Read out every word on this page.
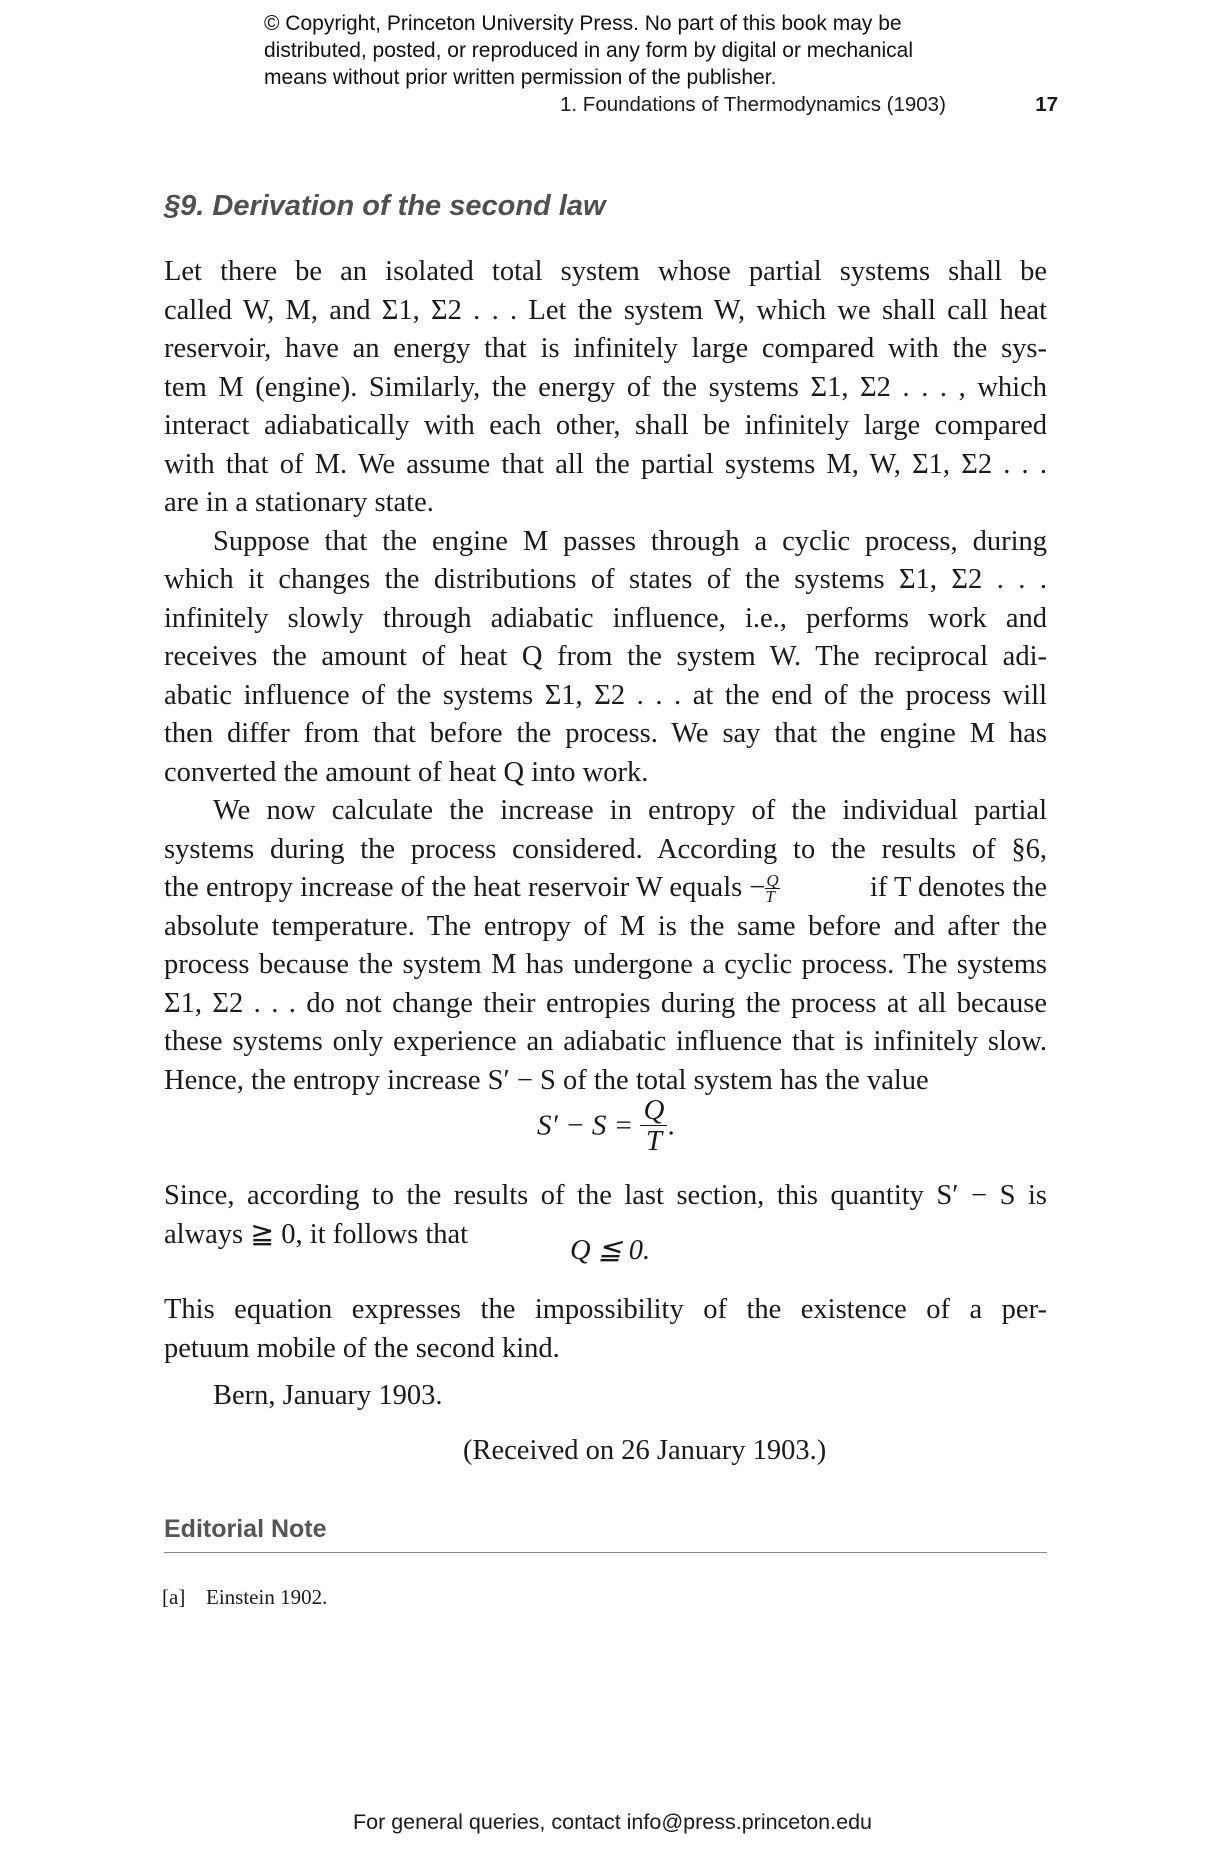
© Copyright, Princeton University Press. No part of this book may be
distributed, posted, or reproduced in any form by digital or mechanical
means without prior written permission of the publisher.
1. Foundations of Thermodynamics (1903)	17
§9. Derivation of the second law
Let there be an isolated total system whose partial systems shall be
called W, M, and Σ1, Σ2 . . . Let the system W, which we shall call heat
reservoir, have an energy that is infinitely large compared with the sys-
tem M (engine). Similarly, the energy of the systems Σ1, Σ2 . . . , which
interact adiabatically with each other, shall be infinitely large compared
with that of M. We assume that all the partial systems M, W, Σ1, Σ2 . . .
are in a stationary state.
Suppose that the engine M passes through a cyclic process, during
which it changes the distributions of states of the systems Σ1, Σ2 . . .
infinitely slowly through adiabatic influence, i.e., performs work and
receives the amount of heat Q from the system W. The reciprocal adi-
abatic influence of the systems Σ1, Σ2 . . . at the end of the process will
then differ from that before the process. We say that the engine M has
converted the amount of heat Q into work.
We now calculate the increase in entropy of the individual partial
systems during the process considered. According to the results of §6,
the entropy increase of the heat reservoir W equals − $\frac{Q}{T}$	if T denotes the
absolute temperature. The entropy of M is the same before and after the
process because the system M has undergone a cyclic process. The systems
Σ1, Σ2 . . . do not change their entropies during the process at all because
these systems only experience an adiabatic influence that is infinitely slow.
Hence, the entropy increase S′ − S of the total system has the value
$S' - S = \frac{Q}{T}$ .
Since, according to the results of the last section, this quantity S′ − S is
always ≧ 0, it follows that
Q ≦ 0.
This equation expresses the impossibility of the existence of a per-
petuum mobile of the second kind.
Bern, January 1903.
(Received on 26 January 1903.)
Editorial Note
[a] Einstein 1902.
For general queries, contact info@press.princeton.edu
